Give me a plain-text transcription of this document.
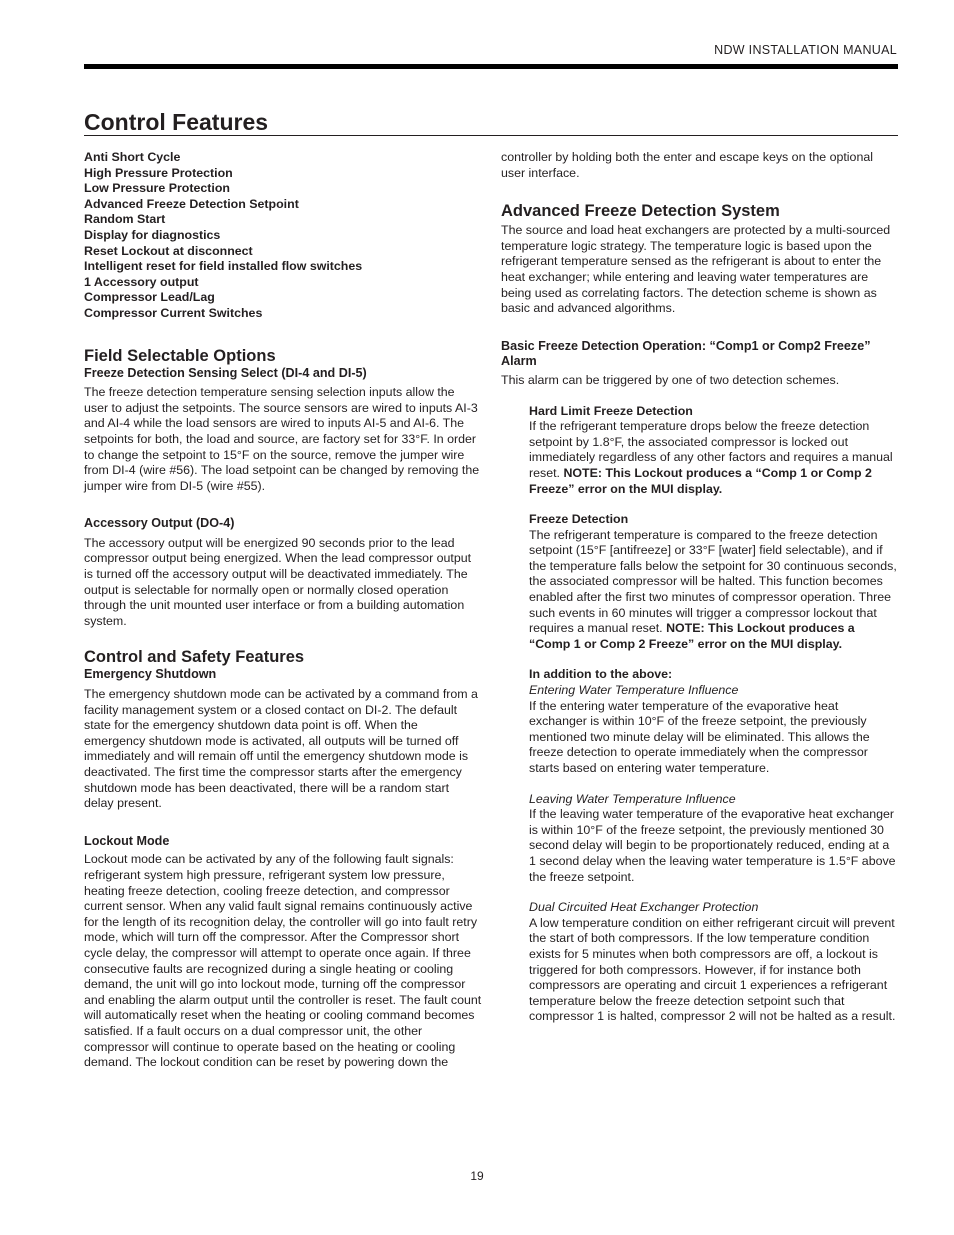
NDW INSTALLATION MANUAL
Control Features
Anti Short Cycle
High Pressure Protection
Low Pressure Protection
Advanced Freeze Detection Setpoint
Random Start
Display for diagnostics
Reset Lockout at disconnect
Intelligent reset for field installed flow switches
1 Accessory output
Compressor Lead/Lag
Compressor Current Switches
Field Selectable Options
Freeze Detection Sensing Select (DI-4 and DI-5)

The freeze detection temperature sensing selection inputs allow the user to adjust the setpoints. The source sensors are wired to inputs AI-3 and AI-4 while the load sensors are wired to inputs AI-5 and AI-6. The setpoints for both, the load and source, are factory set for 33°F. In order to change the setpoint to 15°F on the source, remove the jumper wire from DI-4 (wire #56). The load setpoint can be changed by removing the jumper wire from DI-5 (wire #55).

Accessory Output (DO-4)

The accessory output will be energized 90 seconds prior to the lead compressor output being energized. When the lead compressor output is turned off the accessory output will be deactivated immediately. The output is selectable for normally open or normally closed operation through the unit mounted user interface or from a building automation system.

Control and Safety Features
Emergency Shutdown

The emergency shutdown mode can be activated by a command from a facility management system or a closed contact on DI-2. The default state for the emergency shutdown data point is off. When the emergency shutdown mode is activated, all outputs will be turned off immediately and will remain off until the emergency shutdown mode is deactivated. The first time the compressor starts after the emergency shutdown mode has been deactivated, there will be a random start delay present.

Lockout Mode

Lockout mode can be activated by any of the following fault signals: refrigerant system high pressure, refrigerant system low pressure, heating freeze detection, cooling freeze detection, and compressor current sensor. When any valid fault signal remains continuously active for the length of its recognition delay, the controller will go into fault retry mode, which will turn off the compressor. After the Compressor short cycle delay, the compressor will attempt to operate once again. If three consecutive faults are recognized during a single heating or cooling demand, the unit will go into lockout mode, turning off the compressor and enabling the alarm output until the controller is reset. The fault count will automatically reset when the heating or cooling command becomes satisfied. If a fault occurs on a dual compressor unit, the other compressor will continue to operate based on the heating or cooling demand. The lockout condition can be reset by powering down the

controller by holding both the enter and escape keys on the optional user interface.

Advanced Freeze Detection System

The source and load heat exchangers are protected by a multi-sourced temperature logic strategy. The temperature logic is based upon the refrigerant temperature sensed as the refrigerant is about to enter the heat exchanger; while entering and leaving water temperatures are being used as correlating factors. The detection scheme is shown as basic and advanced algorithms.

Basic Freeze Detection Operation: “Comp1 or Comp2 Freeze” Alarm

This alarm can be triggered by one of two detection schemes.

Hard Limit Freeze Detection

If the refrigerant temperature drops below the freeze detection setpoint by 1.8°F, the associated compressor is locked out immediately regardless of any other factors and requires a manual reset. NOTE: This Lockout produces a “Comp 1 or Comp 2 Freeze” error on the MUI display.

Freeze Detection

The refrigerant temperature is compared to the freeze detection setpoint (15°F [antifreeze] or 33°F [water] field selectable), and if the temperature falls below the setpoint for 30 continuous seconds, the associated compressor will be halted. This function becomes enabled after the first two minutes of compressor operation. Three such events in 60 minutes will trigger a compressor lockout that requires a manual reset. NOTE: This Lockout produces a “Comp 1 or Comp 2 Freeze” error on the MUI display.

In addition to the above:

Entering Water Temperature Influence

If the entering water temperature of the evaporative heat exchanger is within 10°F of the freeze setpoint, the previously mentioned two minute delay will be eliminated. This allows the freeze detection to operate immediately when the compressor starts based on entering water temperature.

Leaving Water Temperature Influence

If the leaving water temperature of the evaporative heat exchanger is within 10°F of the freeze setpoint, the previously mentioned 30 second delay will begin to be proportionately reduced, ending at a 1 second delay when the leaving water temperature is 1.5°F above the freeze setpoint.

Dual Circuited Heat Exchanger Protection

A low temperature condition on either refrigerant circuit will prevent the start of both compressors. If the low temperature condition exists for 5 minutes when both compressors are off, a lockout is triggered for both compressors. However, if for instance both compressors are operating and circuit 1 experiences a refrigerant temperature below the freeze detection setpoint such that compressor 1 is halted, compressor 2 will not be halted as a result.

19
